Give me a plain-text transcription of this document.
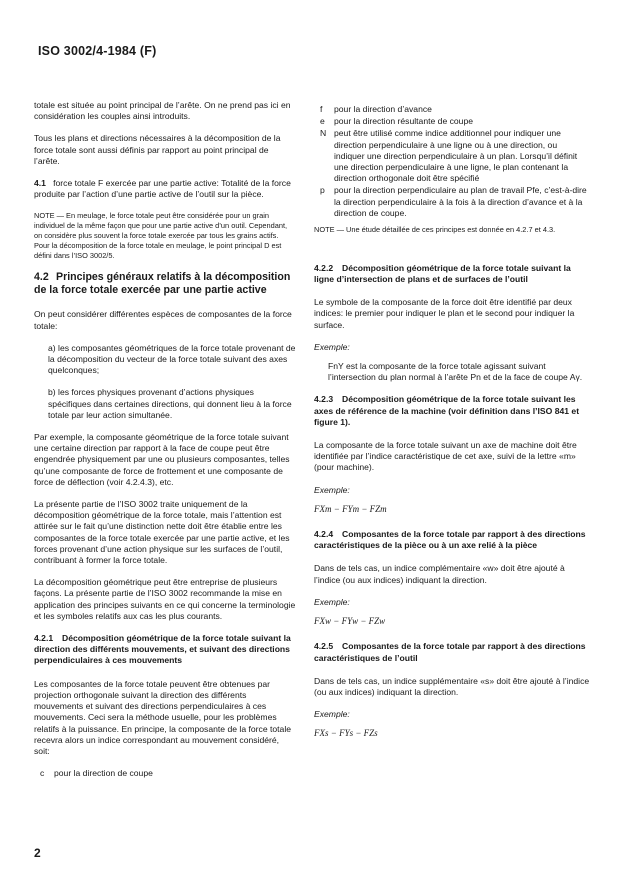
ISO 3002/4-1984 (F)

totale est située au point principal de l’arête. On ne prend pas ici en considération les couples ainsi introduits.

Tous les plans et directions nécessaires à la décomposition de la force totale sont aussi définis par rapport au point principal de l’arête.

4.1 force totale F exercée par une partie active: Totalité de la force produite par l’action d’une partie active de l’outil sur la pièce.

NOTE — En meulage, le force totale peut être considérée pour un grain individuel de la même façon que pour une partie active d’un outil. Cependant, on considère plus souvent la force totale exercée par tous les grains actifs. Pour la décomposition de la force totale en meulage, le point principal D est défini dans l’ISO 3002/5.
4.2 Principes généraux relatifs à la décomposition de la force totale exercée par une partie active

On peut considérer différentes espèces de composantes de la force totale:

a) les composantes géométriques de la force totale provenant de la décomposition du vecteur de la force totale suivant des axes quelconques;

b) les forces physiques provenant d’actions physiques spécifiques dans certaines directions, qui donnent lieu à la force totale par leur action simultanée.

Par exemple, la composante géométrique de la force totale suivant une certaine direction par rapport à la face de coupe peut être engendrée physiquement par une ou plusieurs composantes, telles qu’une composante de force de frottement et une composante de force de déflection (voir 4.2.4.3), etc.

La présente partie de l’ISO 3002 traite uniquement de la décomposition géométrique de la force totale, mais l’attention est attirée sur le fait qu’une distinction nette doit être établie entre les composantes de la force totale exercée par une partie active, et les forces provenant d’une action physique sur les surfaces de l’outil, contribuant à former la force totale.

La décomposition géométrique peut être entreprise de plusieurs façons. La présente partie de l’ISO 3002 recommande la mise en application des principes suivants en ce qui concerne la terminologie et les symboles relatifs aux cas les plus courants.

4.2.1 Décomposition géométrique de la force totale suivant la direction des différents mouvements, et suivant des directions perpendiculaires à ces mouvements

Les composantes de la force totale peuvent être obtenues par projection orthogonale suivant la direction des différents mouvements et suivant des directions perpendiculaires à ces mouvements. Ceci sera la méthode usuelle, pour les problèmes relatifs à la puissance. En principe, la composante de la force totale recevra alors un indice correspondant au mouvement considéré, soit:

c	pour la direction de coupe
f	pour la direction d’avance
e	pour la direction résultante de coupe
N peut être utilisé comme indice additionnel pour indiquer une direction perpendiculaire à une ligne ou à une direction, ou indiquer une direction perpendiculaire à un plan. Lorsqu’il définit une direction perpendiculaire à une ligne, le plan contenant la direction orthogonale doit être spécifié
p	pour la direction perpendiculaire au plan de travail Pfe, c’est-à-dire la direction perpendiculaire à la fois à la direction d’avance et à la direction de coupe.
NOTE — Une étude détaillée de ces principes est donnée en 4.2.7 et 4.3.
4.2.2 Décomposition géométrique de la force totale suivant la ligne d’intersection de plans et de surfaces de l’outil

Le symbole de la composante de la force doit être identifié par deux indices: le premier pour indiquer le plan et le second pour indiquer la surface.

Exemple:

FnY est la composante de la force totale agissant suivant l’intersection du plan normal à l’arête Pn et de la face de coupe Aγ.

4.2.3 Décomposition géométrique de la force totale suivant les axes de référence de la machine (voir définition dans l’ISO 841 et figure 1).

La composante de la force totale suivant un axe de machine doit être identifiée par l’indice caractéristique de cet axe, suivi de la lettre «m» (pour machine).

Exemple:

FXm − FYm − FZm
4.2.4 Composantes de la force totale par rapport à des directions caractéristiques de la pièce ou à un axe relié à la pièce

Dans de tels cas, un indice complémentaire «w» doit être ajouté à l’indice (ou aux indices) indiquant la direction.

Exemple:

FXw − FYw − FZw
4.2.5 Composantes de la force totale par rapport à des directions caractéristiques de l’outil

Dans de tels cas, un indice supplémentaire «s» doit être ajouté à l’indice (ou aux indices) indiquant la direction.

Exemple:

FXs − FYs − FZs
2
